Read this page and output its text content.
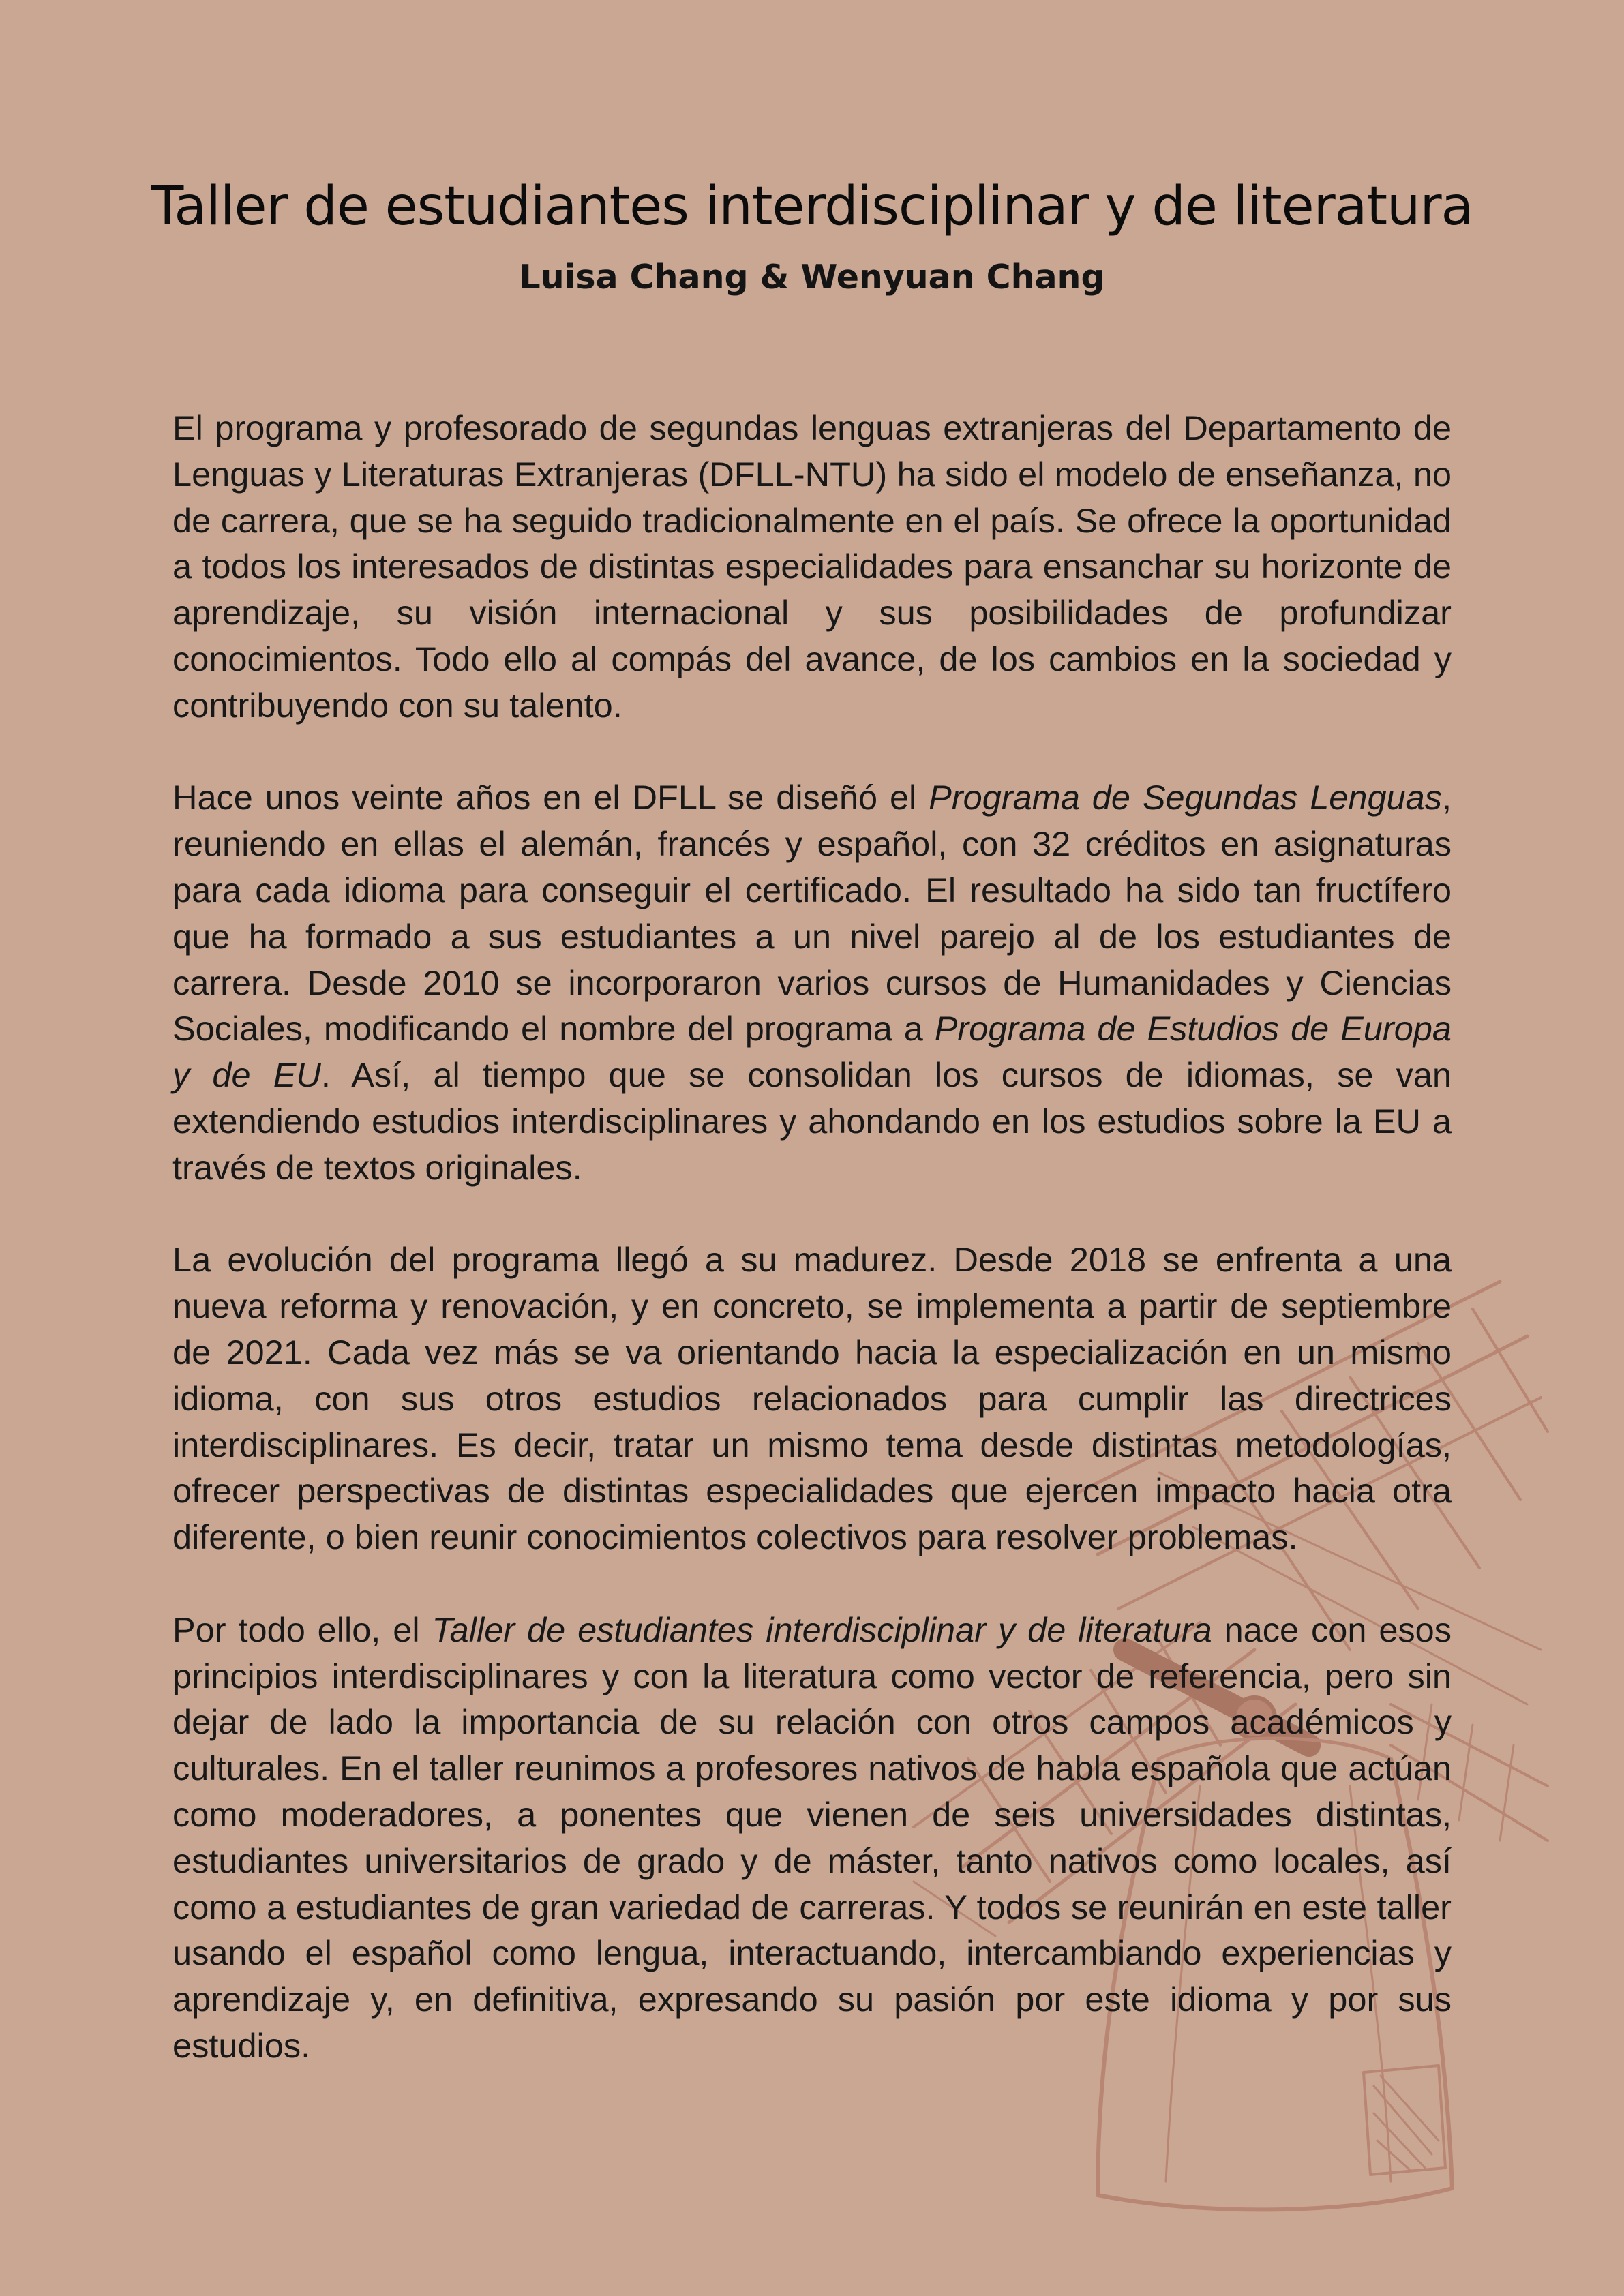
Taller de estudiantes interdisciplinar y de literatura
Luisa Chang & Wenyuan Chang

El programa y profesorado de segundas lenguas extranjeras del Departamento de Lenguas y Literaturas Extranjeras (DFLL-NTU) ha sido el modelo de enseñanza, no de carrera, que se ha seguido tradicionalmente en el país. Se ofrece la oportunidad a todos los interesados de distintas especialidades para ensanchar su horizonte de aprendizaje, su visión internacional y sus posibilidades de profundizar conocimientos. Todo ello al compás del avance, de los cambios en la sociedad y contribuyendo con su talento.

Hace unos veinte años en el DFLL se diseñó el Programa de Segundas Lenguas, reuniendo en ellas el alemán, francés y español, con 32 créditos en asignaturas para cada idioma para conseguir el certificado. El resultado ha sido tan fructífero que ha formado a sus estudiantes a un nivel parejo al de los estudiantes de carrera. Desde 2010 se incorporaron varios cursos de Humanidades y Ciencias Sociales, modificando el nombre del programa a Programa de Estudios de Europa y de EU. Así, al tiempo que se consolidan los cursos de idiomas, se van extendiendo estudios interdisciplinares y ahondando en los estudios sobre la EU a través de textos originales.

La evolución del programa llegó a su madurez. Desde 2018 se enfrenta a una nueva reforma y renovación, y en concreto, se implementa a partir de septiembre de 2021. Cada vez más se va orientando hacia la especialización en un mismo idioma, con sus otros estudios relacionados para cumplir las directrices interdisciplinares. Es decir, tratar un mismo tema desde distintas metodologías, ofrecer perspectivas de distintas especialidades que ejercen impacto hacia otra diferente, o bien reunir conocimientos colectivos para resolver problemas.

Por todo ello, el Taller de estudiantes interdisciplinar y de literatura nace con esos principios interdisciplinares y con la literatura como vector de referencia, pero sin dejar de lado la importancia de su relación con otros campos académicos y culturales. En el taller reunimos a profesores nativos de habla española que actúan como moderadores, a ponentes que vienen de seis universidades distintas, estudiantes universitarios de grado y de máster, tanto nativos como locales, así como a estudiantes de gran variedad de carreras. Y todos se reunirán en este taller usando el español como lengua, interactuando, intercambiando experiencias y aprendizaje y, en definitiva, expresando su pasión por este idioma y por sus estudios.
